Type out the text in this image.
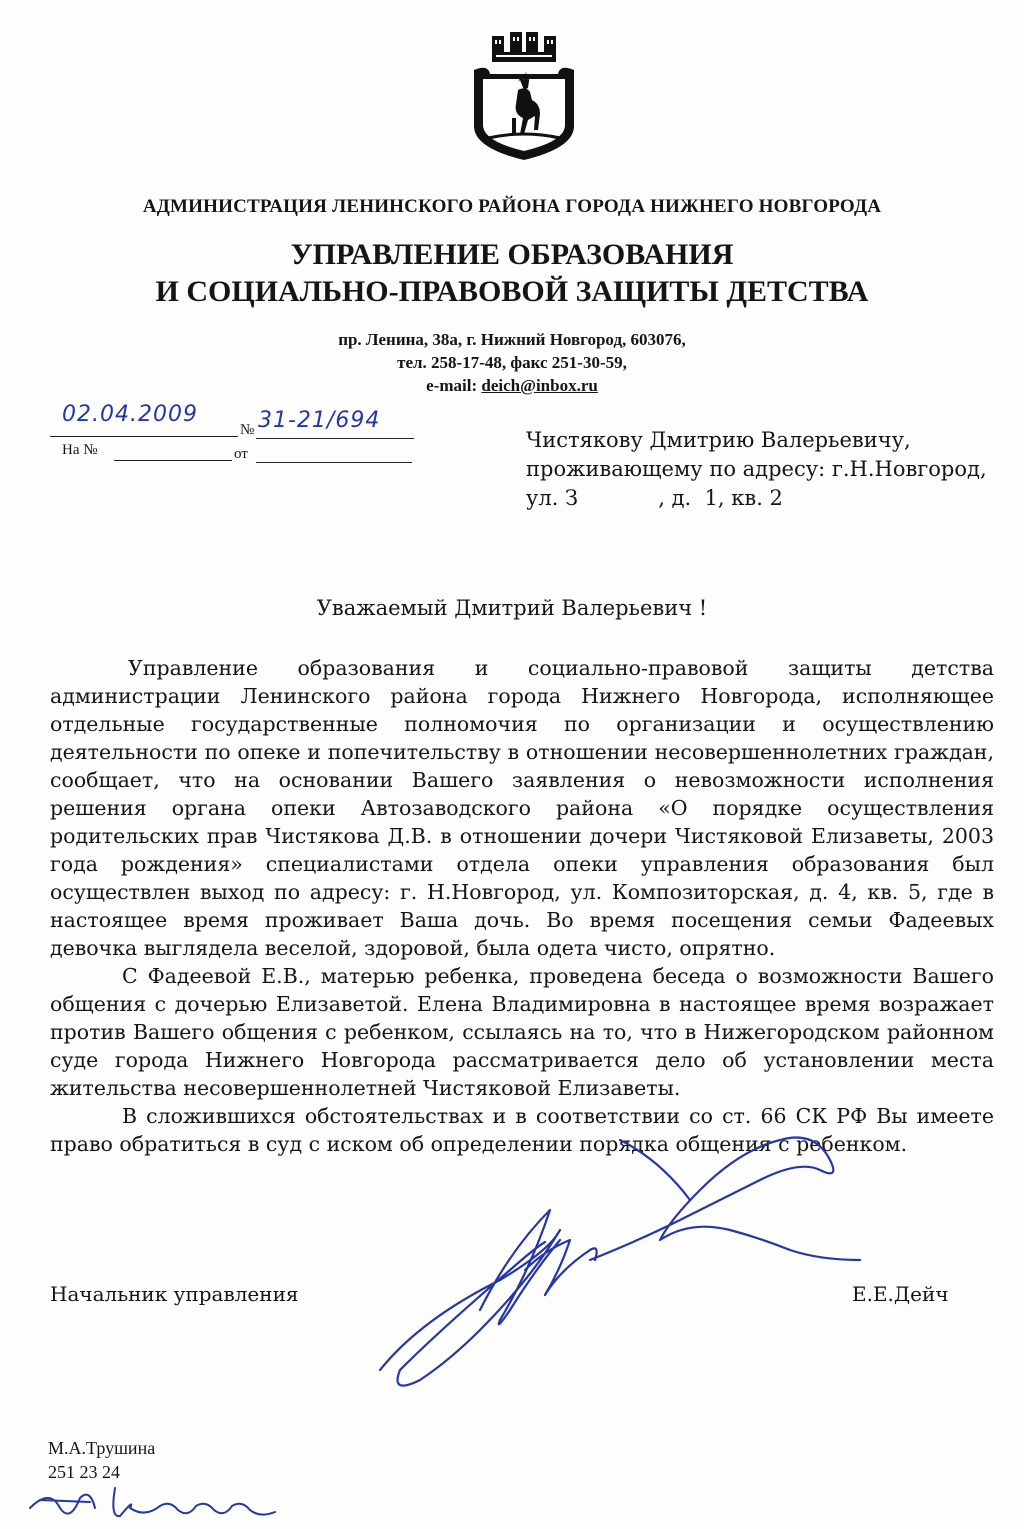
АДМИНИСТРАЦИЯ ЛЕНИНСКОГО РАЙОНА ГОРОДА НИЖНЕГО НОВГОРОДА
УПРАВЛЕНИЕ ОБРАЗОВАНИЯ
И СОЦИАЛЬНО-ПРАВОВОЙ ЗАЩИТЫ ДЕТСТВА
пр. Ленина, 38а, г. Нижний Новгород, 603076,
тел. 258-17-48, факс 251-30-59,
e-mail: deich@inbox.ru
02.04.2009
№ 31-21/694
На №	от
Чистякову Дмитрию Валерьевичу,
проживающему по адресу: г.Н.Новгород,
ул. З            , д.  1, кв. 2
Уважаемый Дмитрий Валерьевич !

Управление образования и социально-правовой защиты детства администрации Ленинского района города Нижнего Новгорода, исполняющее отдельные государственные полномочия по организации и осуществлению деятельности по опеке и попечительству в отношении несовершеннолетних граждан, сообщает, что на основании Вашего заявления о невозможности исполнения решения органа опеки Автозаводского района «О порядке осуществления родительских прав Чистякова Д.В. в отношении дочери Чистяковой Елизаветы, 2003 года рождения» специалистами отдела опеки управления образования был осуществлен выход по адресу: г. Н.Новгород, ул. Композиторская, д. 4, кв. 5, где в настоящее время проживает Ваша дочь. Во время посещения семьи Фадеевых девочка выглядела веселой, здоровой, была одета чисто, опрятно.

С Фадеевой Е.В., матерью ребенка, проведена беседа о возможности Вашего общения с дочерью Елизаветой. Елена Владимировна в настоящее время возражает против Вашего общения с ребенком, ссылаясь на то, что в Нижегородском районном суде города Нижнего Новгорода рассматривается дело об установлении места жительства несовершеннолетней Чистяковой Елизаветы.

В сложившихся обстоятельствах и в соответствии со ст. 66 СК РФ Вы имеете право обратиться в суд с иском об определении порядка общения с ребенком.

Начальник управления	Е.Е.Дейч
М.А.Трушина
251 23 24
